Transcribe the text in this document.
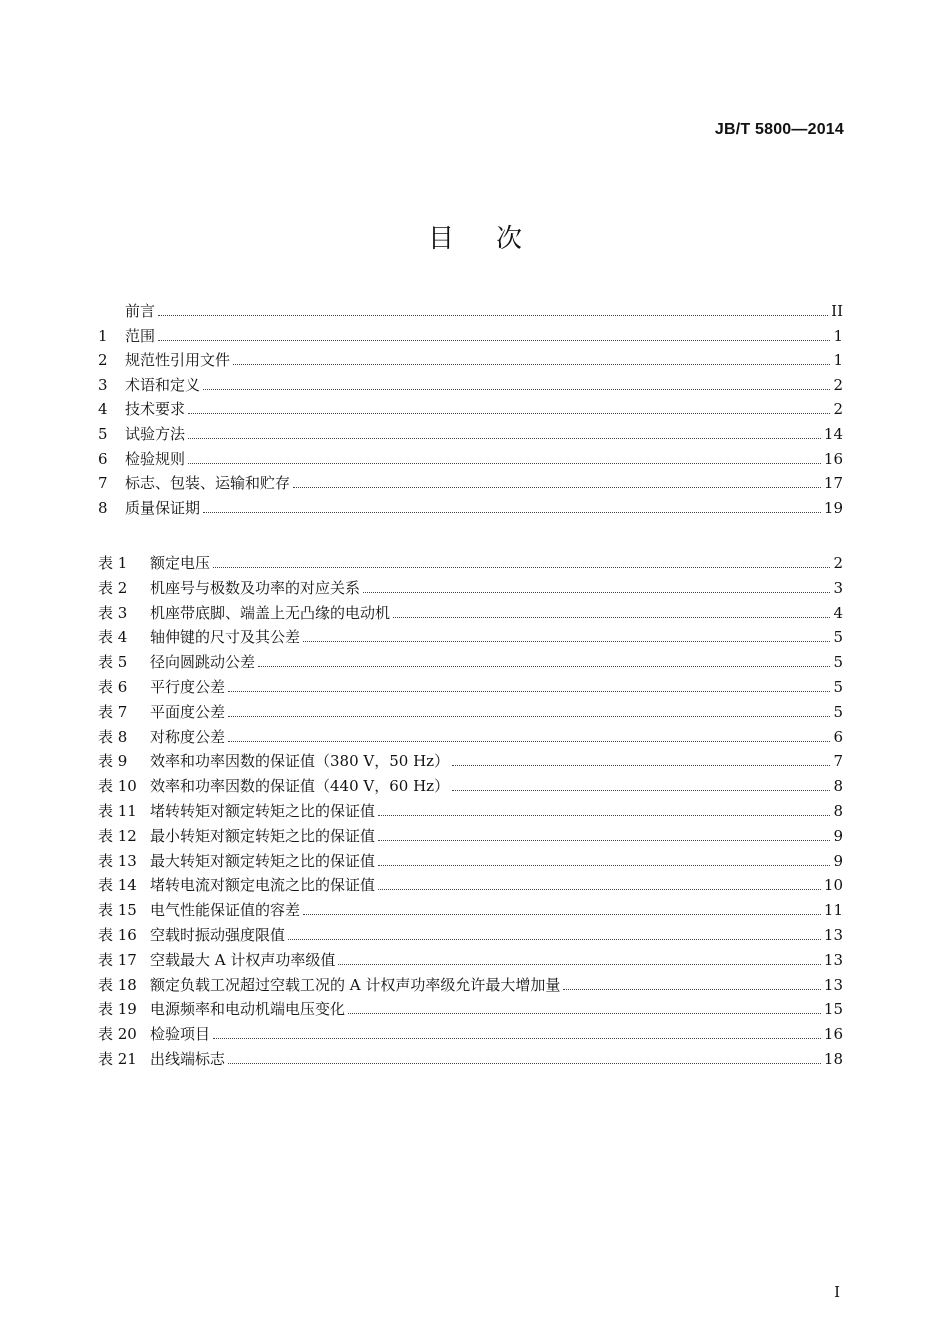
JB/T 5800—2014
目次
前言	II
1	范围	1
2	规范性引用文件	1
3	术语和定义	2
4	技术要求	2
5	试验方法	14
6	检验规则	16
7	标志、包装、运输和贮存	17
8	质量保证期	19
表 1	额定电压	2
表 2	机座号与极数及功率的对应关系	3
表 3	机座带底脚、端盖上无凸缘的电动机	4
表 4	轴伸键的尺寸及其公差	5
表 5	径向圆跳动公差	5
表 6	平行度公差	5
表 7	平面度公差	5
表 8	对称度公差	6
表 9	效率和功率因数的保证值（380 V，50 Hz）	7
表 10 效率和功率因数的保证值（440 V，60 Hz）	8
表 11 堵转转矩对额定转矩之比的保证值	8
表 12 最小转矩对额定转矩之比的保证值	9
表 13 最大转矩对额定转矩之比的保证值	9
表 14 堵转电流对额定电流之比的保证值	10
表 15 电气性能保证值的容差	11
表 16 空载时振动强度限值	13
表 17 空载最大 A 计权声功率级值	13
表 18 额定负载工况超过空载工况的 A 计权声功率级允许最大增加量	13
表 19 电源频率和电动机端电压变化	15
表 20 检验项目	16
表 21 出线端标志	18
I
